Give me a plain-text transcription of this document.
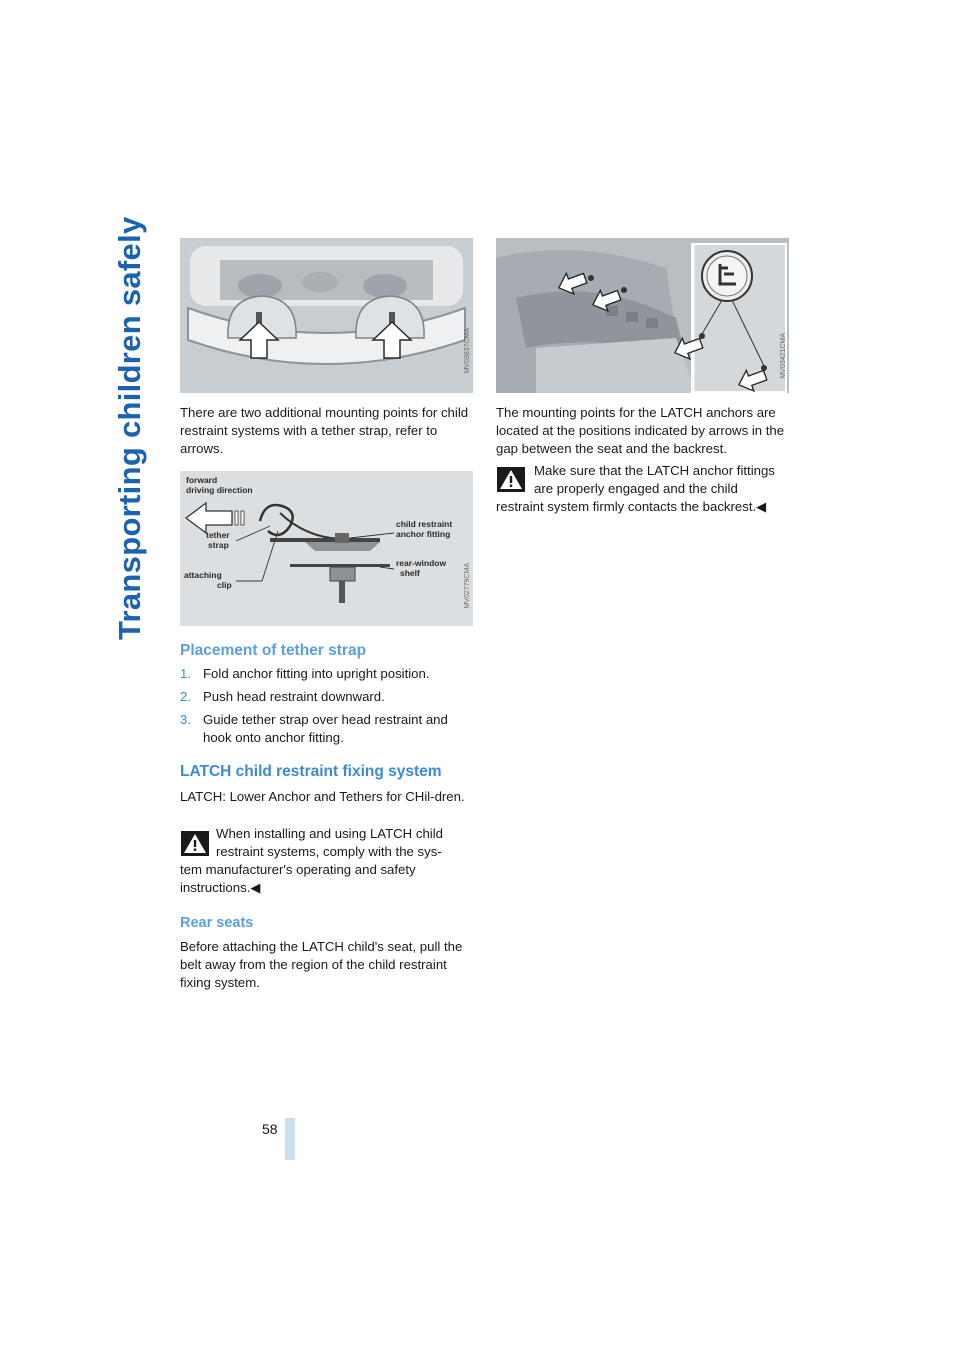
Transporting children safely	MV03837CMA	MV03421CMA

There are two additional mounting points for child restraint systems with a tether strap, refer to arrows.

forward
driving direction
tether
strap
attaching
clip
child restraint
anchor fitting
rear-window
shelf	MV02779CMA
Placement of tether strap
1. Fold anchor fitting into upright position.
2. Push head restraint downward.
3. Guide tether strap over head restraint and hook onto anchor fitting.
LATCH child restraint fixing system

LATCH: Lower Anchor and Tethers for CHil-dren.

When installing and using LATCH child restraint systems, comply with the sys-

tem manufacturer's operating and safety instructions.◀

Rear seats

Before attaching the LATCH child's seat, pull the belt away from the region of the child restraint fixing system.

The mounting points for the LATCH anchors are located at the positions indicated by arrows in the gap between the seat and the backrest.

Make sure that the LATCH anchor fittings are properly engaged and the child

restraint system firmly contacts the backrest.◀

58
